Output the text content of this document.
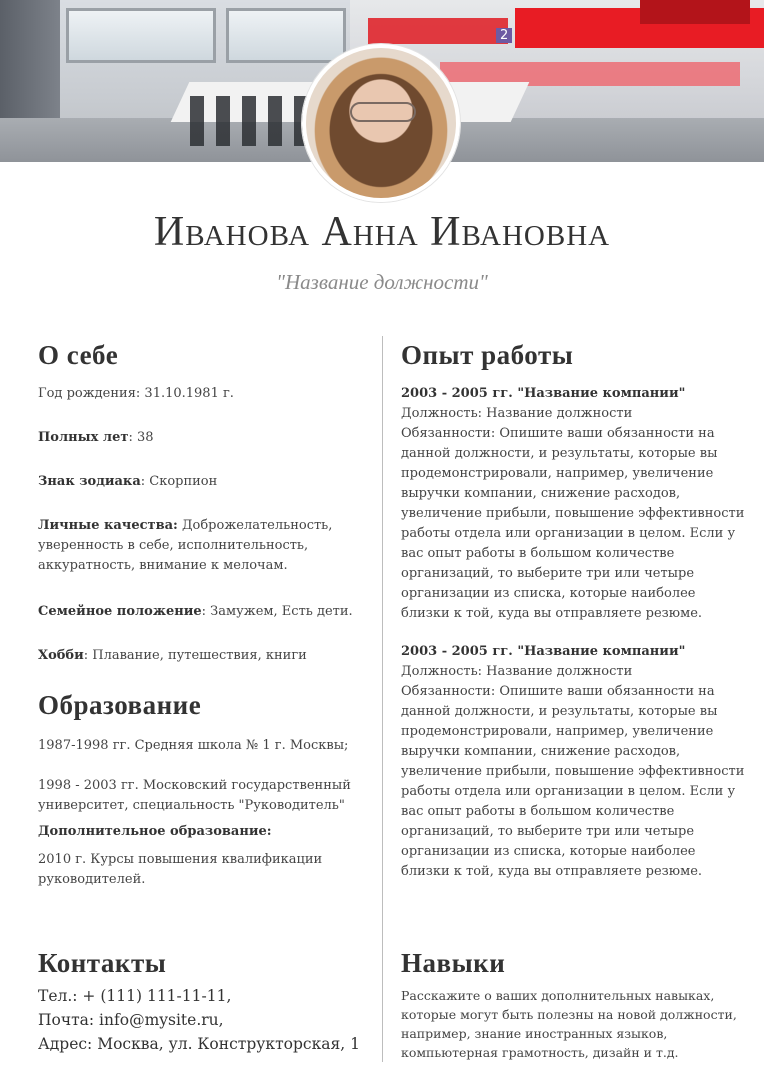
2
Иванова Анна Ивановна
"Название должности"
О себе

Год рождения: 31.10.1981 г.

Полных лет: 38

Знак зодиака: Скорпион

Личные качества: Доброжелательность, уверенность в себе, исполнительность, аккуратность, внимание к мелочам.

Семейное положение: Замужем, Есть дети.

Хобби: Плавание, путешествия, книги

Образование

1987-1998 гг. Средняя школа № 1 г. Москвы;

1998 - 2003 гг. Московский государственный университет, специальность "Руководитель"

Дополнительное образование:

2010 г. Курсы повышения квалификации руководителей.

Контакты
Тел.: + (111) 111-11-11,
Почта: info@mysite.ru,
Адрес: Москва, ул. Конструкторская, 1
Опыт работы
2003 - 2005 гг. "Название компании"
Должность: Название должности
Обязанности: Опишите ваши обязанности на данной должности, и результаты, которые вы продемонстрировали, например, увеличение выручки компании, снижение расходов, увеличение прибыли, повышение эффективности работы отдела или организации в целом. Если у вас опыт работы в большом количестве организаций, то выберите три или четыре организации из списка, которые наиболее близки к той, куда вы отправляете резюме.
2003 - 2005 гг. "Название компании"
Должность: Название должности
Обязанности: Опишите ваши обязанности на данной должности, и результаты, которые вы продемонстрировали, например, увеличение выручки компании, снижение расходов, увеличение прибыли, повышение эффективности работы отдела или организации в целом. Если у вас опыт работы в большом количестве организаций, то выберите три или четыре организации из списка, которые наиболее близки к той, куда вы отправляете резюме.
Навыки

Расскажите о ваших дополнительных навыках, которые могут быть полезны на новой должности, например, знание иностранных языков, компьютерная грамотность, дизайн и т.д.
